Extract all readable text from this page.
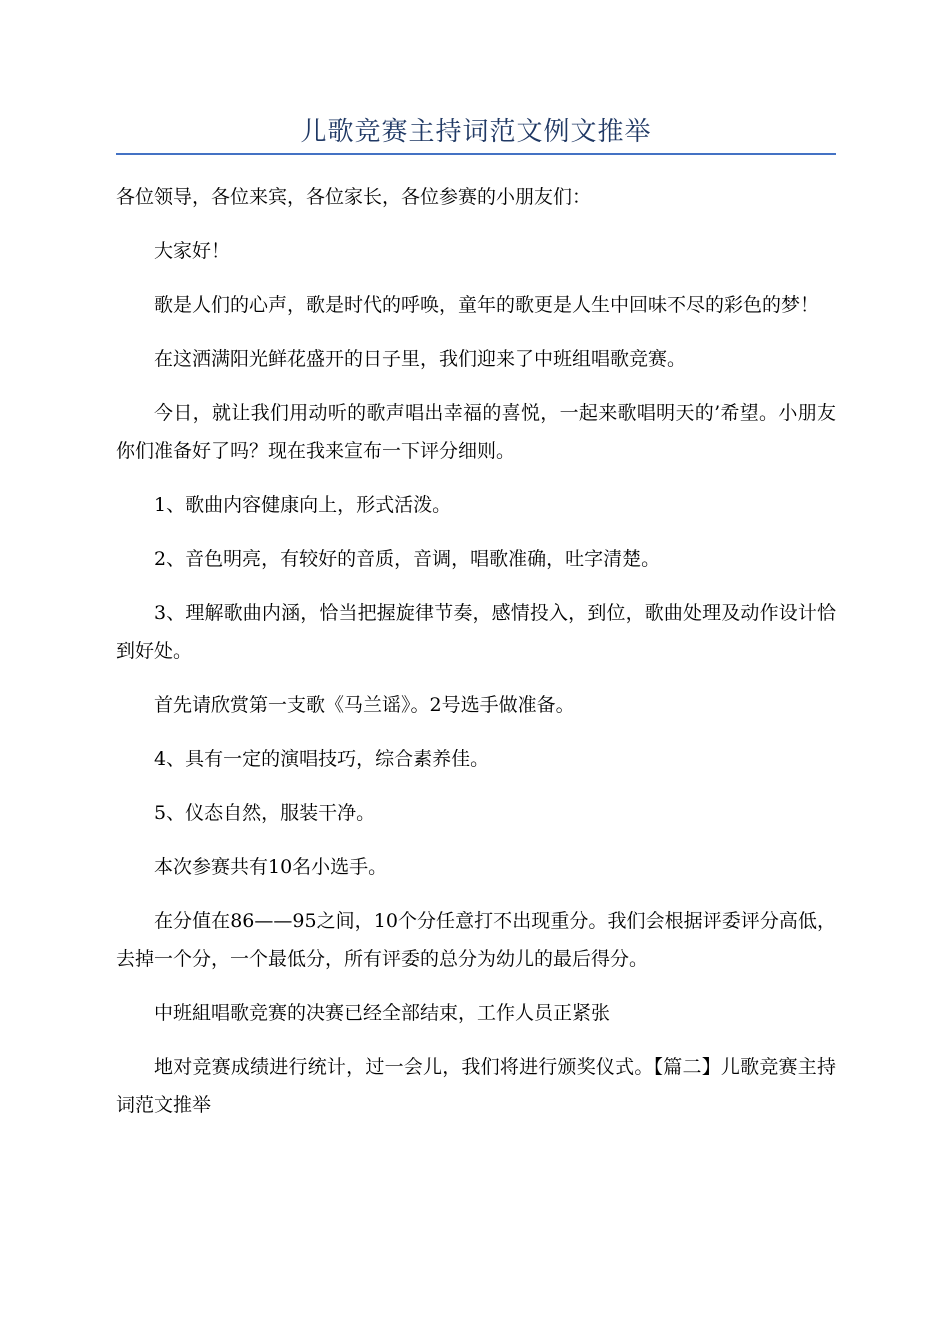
儿歌竞赛主持词范文例文推举

各位领导，各位来宾，各位家长，各位参赛的小朋友们：

大家好！

歌是人们的心声，歌是时代的呼唤，童年的歌更是人生中回味不尽的彩色的梦！

在这洒满阳光鲜花盛开的日子里，我们迎来了中班组唱歌竞赛。

今日，就让我们用动听的歌声唱出幸福的喜悦，一起来歌唱明天的’希望。小朋友你们准备好了吗？现在我来宣布一下评分细则。

1、歌曲内容健康向上，形式活泼。

2、音色明亮，有较好的音质，音调，唱歌准确，吐字清楚。

3、理解歌曲内涵，恰当把握旋律节奏，感情投入，到位，歌曲处理及动作设计恰到好处。

首先请欣赏第一支歌《马兰谣》。2号选手做准备。

4、具有一定的演唱技巧，综合素养佳。

5、仪态自然，服装干净。

本次参赛共有10名小选手。

在分值在86——95之间，10个分任意打不出现重分。我们会根据评委评分高低，去掉一个分，一个最低分，所有评委的总分为幼儿的最后得分。

中班組唱歌竞赛的决赛已经全部结束，工作人员正紧张

地对竞赛成绩进行统计，过一会儿，我们将进行颁奖仪式。【篇二】儿歌竞赛主持词范文推举
